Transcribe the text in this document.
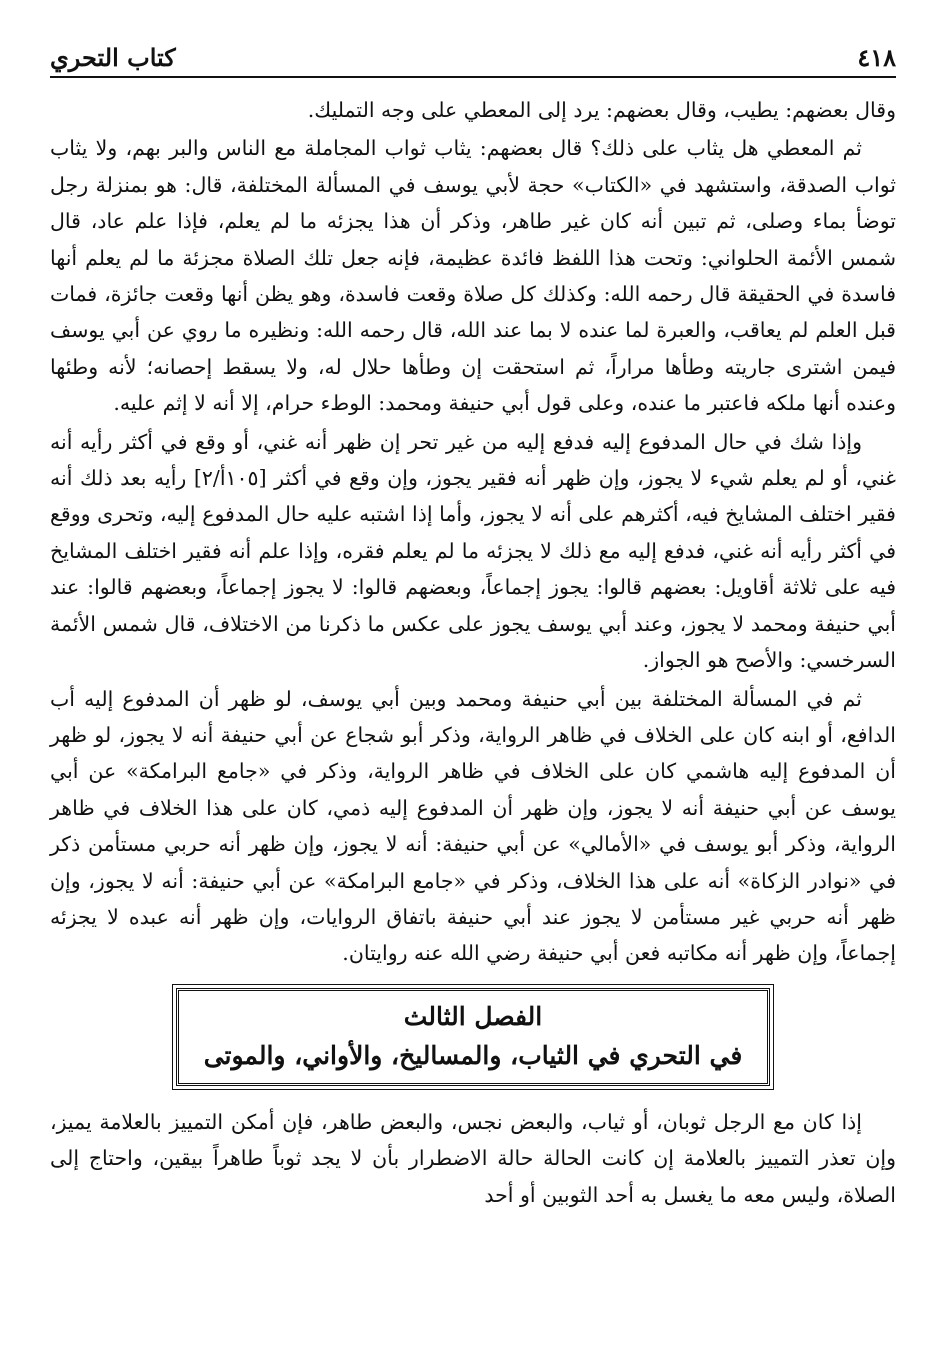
٤١٨
كتاب التحري

وقال بعضهم: يطيب، وقال بعضهم: يرد إلى المعطي على وجه التمليك.

ثم المعطي هل يثاب على ذلك؟ قال بعضهم: يثاب ثواب المجاملة مع الناس والبر بهم، ولا يثاب ثواب الصدقة، واستشهد في «الكتاب» حجة لأبي يوسف في المسألة المختلفة، قال: هو بمنزلة رجل توضأ بماء وصلى، ثم تبين أنه كان غير طاهر، وذكر أن هذا يجزئه ما لم يعلم، فإذا علم عاد، قال شمس الأئمة الحلواني: وتحت هذا اللفظ فائدة عظيمة، فإنه جعل تلك الصلاة مجزئة ما لم يعلم أنها فاسدة في الحقيقة قال رحمه الله: وكذلك كل صلاة وقعت فاسدة، وهو يظن أنها وقعت جائزة، فمات قبل العلم لم يعاقب، والعبرة لما عنده لا بما عند الله، قال رحمه الله: ونظيره ما روي عن أبي يوسف فيمن اشترى جاريته وطأها مراراً، ثم استحقت إن وطأها حلال له، ولا يسقط إحصانه؛ لأنه وطئها وعنده أنها ملكه فاعتبر ما عنده، وعلى قول أبي حنيفة ومحمد: الوطء حرام، إلا أنه لا إثم عليه.

وإذا شك في حال المدفوع إليه فدفع إليه من غير تحر إن ظهر أنه غني، أو وقع في أكثر رأيه أنه غني، أو لم يعلم شيء لا يجوز، وإن ظهر أنه فقير يجوز، وإن وقع في أكثر [١٠٥أ/٢] رأيه بعد ذلك أنه فقير اختلف المشايخ فيه، أكثرهم على أنه لا يجوز، وأما إذا اشتبه عليه حال المدفوع إليه، وتحرى ووقع في أكثر رأيه أنه غني، فدفع إليه مع ذلك لا يجزئه ما لم يعلم فقره، وإذا علم أنه فقير اختلف المشايخ فيه على ثلاثة أقاويل: بعضهم قالوا: يجوز إجماعاً، وبعضهم قالوا: لا يجوز إجماعاً، وبعضهم قالوا: عند أبي حنيفة ومحمد لا يجوز، وعند أبي يوسف يجوز على عكس ما ذكرنا من الاختلاف، قال شمس الأئمة السرخسي: والأصح هو الجواز.

ثم في المسألة المختلفة بين أبي حنيفة ومحمد وبين أبي يوسف، لو ظهر أن المدفوع إليه أب الدافع، أو ابنه كان على الخلاف في ظاهر الرواية، وذكر أبو شجاع عن أبي حنيفة أنه لا يجوز، لو ظهر أن المدفوع إليه هاشمي كان على الخلاف في ظاهر الرواية، وذكر في «جامع البرامكة» عن أبي يوسف عن أبي حنيفة أنه لا يجوز، وإن ظهر أن المدفوع إليه ذمي، كان على هذا الخلاف في ظاهر الرواية، وذكر أبو يوسف في «الأمالي» عن أبي حنيفة: أنه لا يجوز، وإن ظهر أنه حربي مستأمن ذكر في «نوادر الزكاة» أنه على هذا الخلاف، وذكر في «جامع البرامكة» عن أبي حنيفة: أنه لا يجوز، وإن ظهر أنه حربي غير مستأمن لا يجوز عند أبي حنيفة باتفاق الروايات، وإن ظهر أنه عبده لا يجزئه إجماعاً، وإن ظهر أنه مكاتبه فعن أبي حنيفة رضي الله عنه روايتان.

الفصل الثالث
في التحري في الثياب، والمساليخ، والأواني، والموتى

إذا كان مع الرجل ثوبان، أو ثياب، والبعض نجس، والبعض طاهر، فإن أمكن التمييز بالعلامة يميز، وإن تعذر التمييز بالعلامة إن كانت الحالة حالة الاضطرار بأن لا يجد ثوباً طاهراً بيقين، واحتاج إلى الصلاة، وليس معه ما يغسل به أحد الثوبين أو أحد
